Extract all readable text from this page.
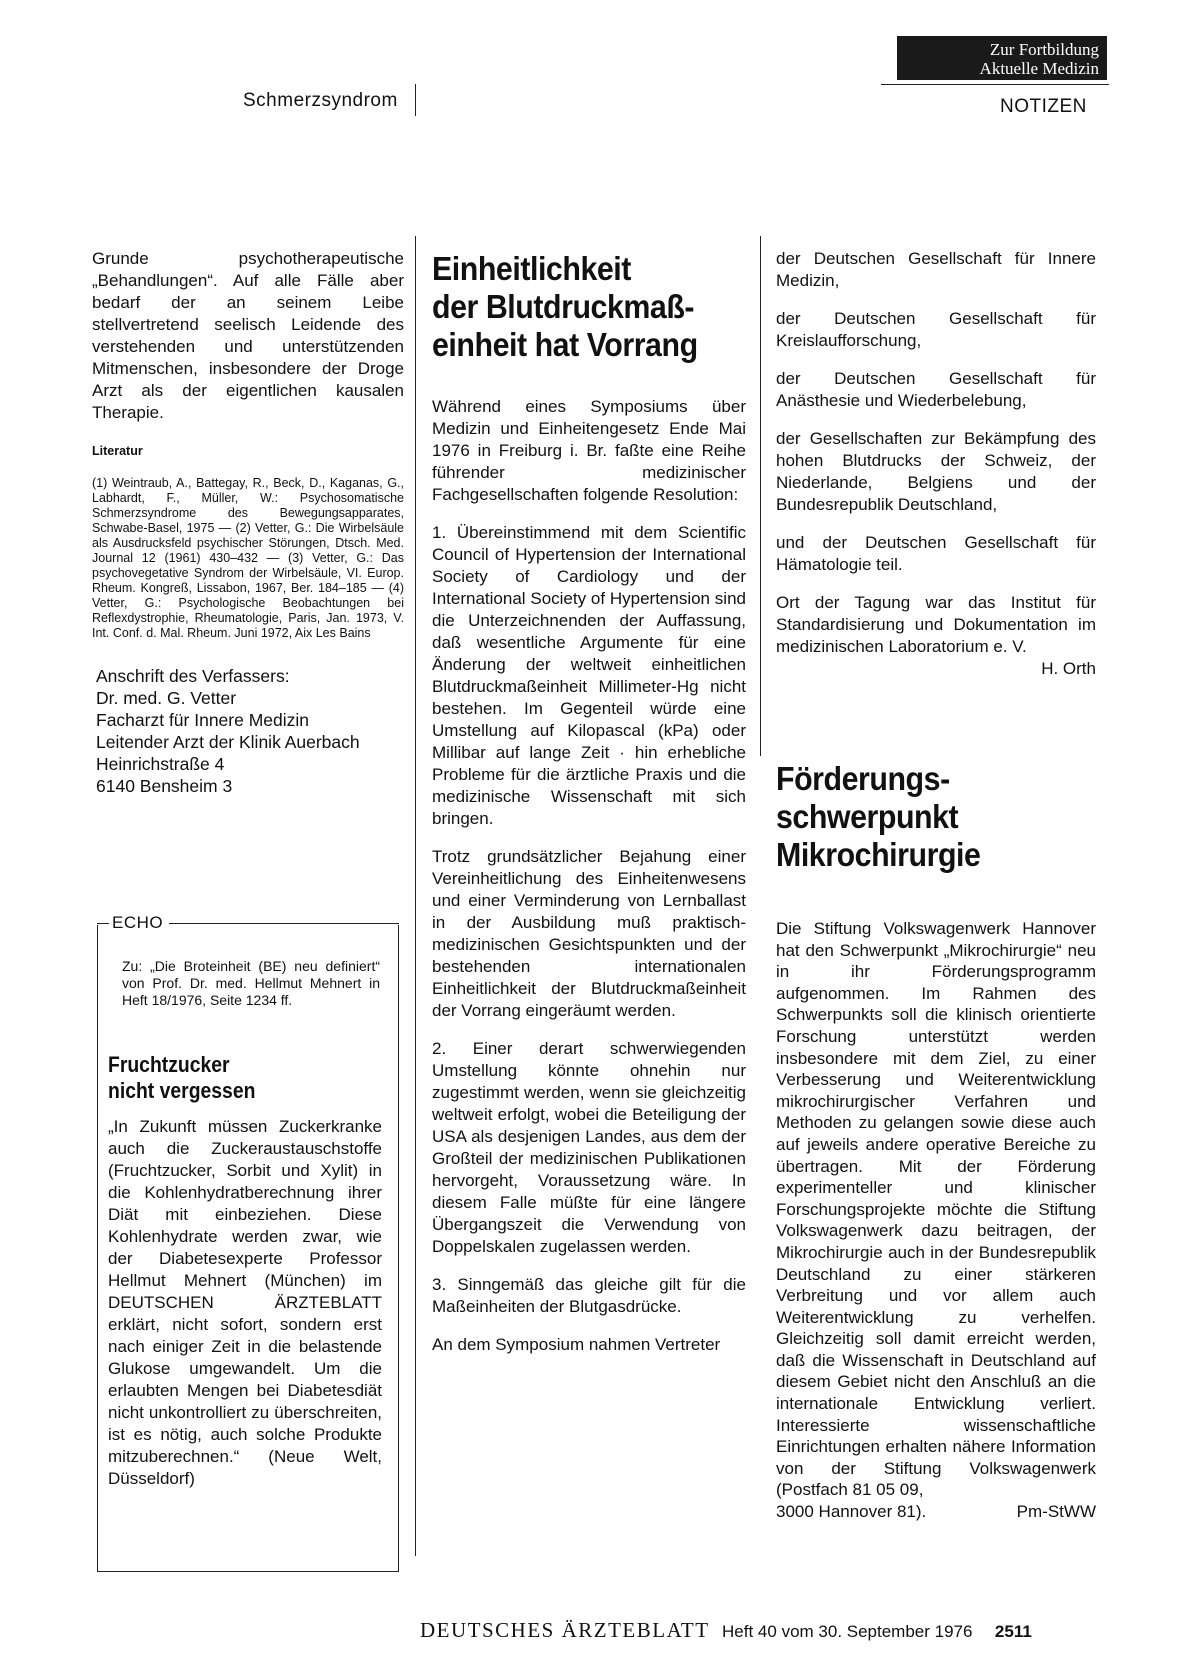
Zur Fortbildung
Aktuelle Medizin
Schmerzsyndrom	NOTIZEN

Grunde psychotherapeutische „Behandlungen“. Auf alle Fälle aber bedarf der an seinem Leibe stellvertretend seelisch Leidende des verstehenden und unterstützenden Mitmenschen, insbesondere der Droge Arzt als der eigentlichen kausalen Therapie.

Literatur
(1) Weintraub, A., Battegay, R., Beck, D., Kaganas, G., Labhardt, F., Müller, W.: Psychosomatische Schmerzsyndrome des Bewegungsapparates, Schwabe-Basel, 1975 — (2) Vetter, G.: Die Wirbelsäule als Ausdrucksfeld psychischer Störungen, Dtsch. Med. Journal 12 (1961) 430–432 — (3) Vetter, G.: Das psychovegetative Syndrom der Wirbelsäule, VI. Europ. Rheum. Kongreß, Lissabon, 1967, Ber. 184–185 — (4) Vetter, G.: Psychologische Beobachtungen bei Reflexdystrophie, Rheumatologie, Paris, Jan. 1973, V. Int. Conf. d. Mal. Rheum. Juni 1972, Aix Les Bains
Anschrift des Verfassers:
Dr. med. G. Vetter
Facharzt für Innere Medizin
Leitender Arzt der Klinik Auerbach
Heinrichstraße 4
6140 Bensheim 3
ECHO
Zu: „Die Broteinheit (BE) neu definiert“ von Prof. Dr. med. Hellmut Mehnert in Heft 18/1976, Seite 1234 ff.
Fruchtzucker
nicht vergessen
„In Zukunft müssen Zuckerkranke auch die Zuckeraustauschstoffe (Fruchtzucker, Sorbit und Xylit) in die Kohlenhydratberechnung ihrer Diät mit einbeziehen. Diese Kohlenhydrate werden zwar, wie der Diabetesexperte Professor Hellmut Mehnert (München) im DEUTSCHEN ÄRZTEBLATT erklärt, nicht sofort, sondern erst nach einiger Zeit in die belastende Glukose umgewandelt. Um die erlaubten Mengen bei Diabetesdiät nicht unkontrolliert zu überschreiten, ist es nötig, auch solche Produkte mitzuberechnen.“ (Neue Welt, Düsseldorf)
Einheitlichkeit
der Blutdruckmaß-
einheit hat Vorrang

Während eines Symposiums über Medizin und Einheitengesetz Ende Mai 1976 in Freiburg i. Br. faßte eine Reihe führender medizinischer Fachgesellschaften folgende Resolution:

1. Übereinstimmend mit dem Scientific Council of Hypertension der International Society of Cardiology und der International Society of Hypertension sind die Unterzeichnenden der Auffassung, daß wesentliche Argumente für eine Änderung der weltweit einheitlichen Blutdruckmaßeinheit Millimeter-Hg nicht bestehen. Im Gegenteil würde eine Umstellung auf Kilopascal (kPa) oder Millibar auf lange Zeit · hin erhebliche Probleme für die ärztliche Praxis und die medizinische Wissenschaft mit sich bringen.

Trotz grundsätzlicher Bejahung einer Vereinheitlichung des Einheitenwesens und einer Verminderung von Lernballast in der Ausbildung muß praktisch-medizinischen Gesichtspunkten und der bestehenden internationalen Einheitlichkeit der Blutdruckmaßeinheit der Vorrang eingeräumt werden.

2. Einer derart schwerwiegenden Umstellung könnte ohnehin nur zugestimmt werden, wenn sie gleichzeitig weltweit erfolgt, wobei die Beteiligung der USA als desjenigen Landes, aus dem der Großteil der medizinischen Publikationen hervorgeht, Voraussetzung wäre. In diesem Falle müßte für eine längere Übergangszeit die Verwendung von Doppelskalen zugelassen werden.

3. Sinngemäß das gleiche gilt für die Maßeinheiten der Blutgasdrücke.

An dem Symposium nahmen Vertreter

der Deutschen Gesellschaft für Innere Medizin,

der Deutschen Gesellschaft für Kreislaufforschung,

der Deutschen Gesellschaft für Anästhesie und Wiederbelebung,

der Gesellschaften zur Bekämpfung des hohen Blutdrucks der Schweiz, der Niederlande, Belgiens und der Bundesrepublik Deutschland,

und der Deutschen Gesellschaft für Hämatologie teil.

Ort der Tagung war das Institut für Standardisierung und Dokumentation im medizinischen Laboratorium e. V.

H. Orth
Förderungs-
schwerpunkt
Mikrochirurgie
Die Stiftung Volkswagenwerk Hannover hat den Schwerpunkt „Mikrochirurgie“ neu in ihr Förderungsprogramm aufgenommen. Im Rahmen des Schwerpunkts soll die klinisch orientierte Forschung unterstützt werden insbesondere mit dem Ziel, zu einer Verbesserung und Weiterentwicklung mikrochirurgischer Verfahren und Methoden zu gelangen sowie diese auch auf jeweils andere operative Bereiche zu übertragen. Mit der Förderung experimenteller und klinischer Forschungsprojekte möchte die Stiftung Volkswagenwerk dazu beitragen, der Mikrochirurgie auch in der Bundesrepublik Deutschland zu einer stärkeren Verbreitung und vor allem auch Weiterentwicklung zu verhelfen. Gleichzeitig soll damit erreicht werden, daß die Wissenschaft in Deutschland auf diesem Gebiet nicht den Anschluß an die internationale Entwicklung verliert. Interessierte wissenschaftliche Einrichtungen erhalten nähere Information von der Stiftung Volkswagenwerk (Postfach 81 05 09,
3000 Hannover 81).	Pm-StWW
DEUTSCHES ÄRZTEBLATT Heft 40 vom 30. September 1976 2511
